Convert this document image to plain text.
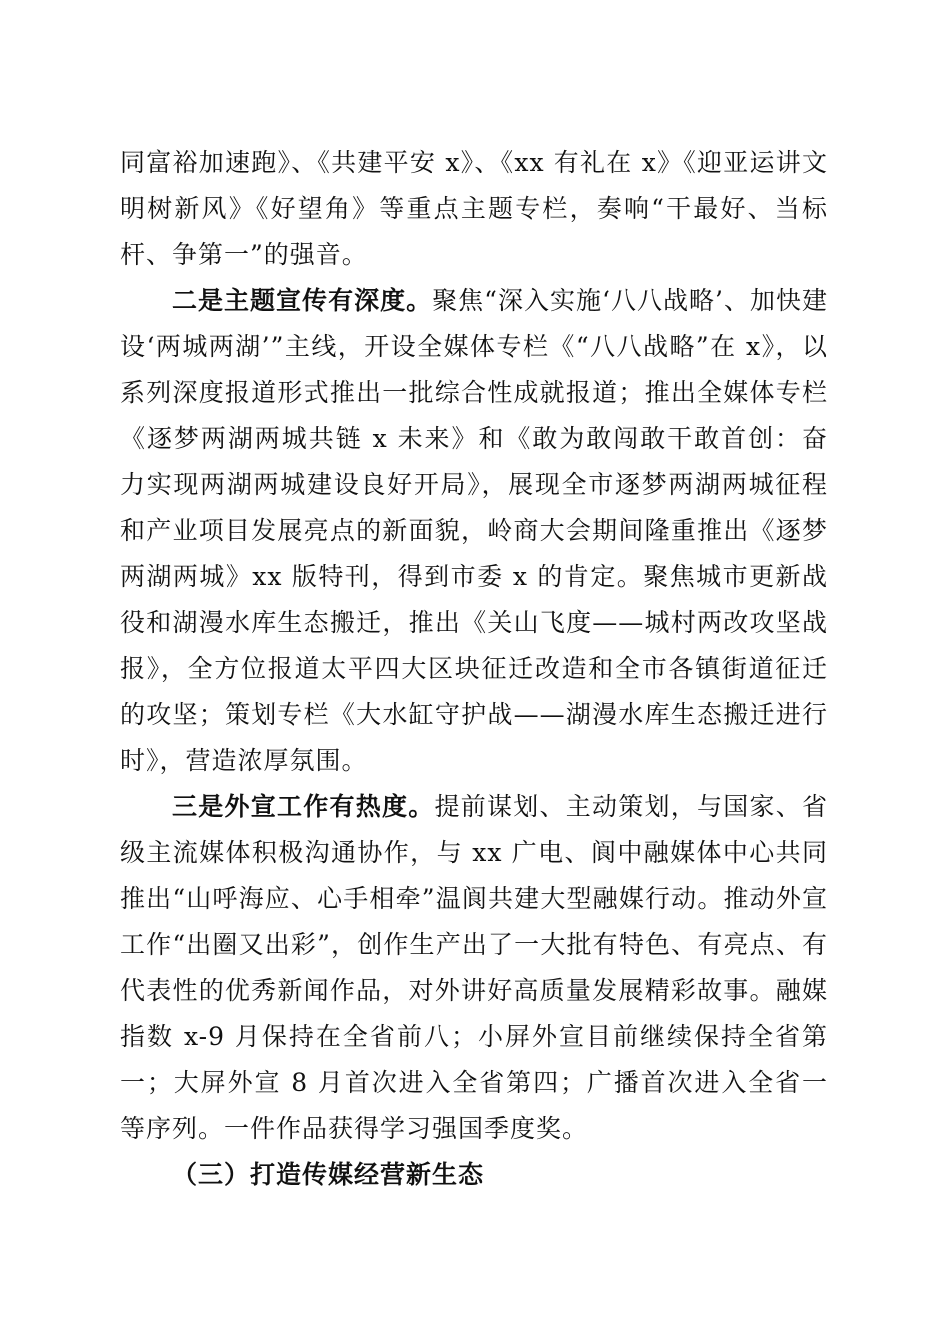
同富裕加速跑》、《共建平安 x》、《xx 有礼在 x》《迎亚运讲文明树新风》《好望角》等重点主题专栏，奏响“干最好、当标杆、争第一”的强音。

二是主题宣传有深度。聚焦“深入实施‘八八战略’、加快建设‘两城两湖’”主线，开设全媒体专栏《“八八战略”在 x》，以系列深度报道形式推出一批综合性成就报道；推出全媒体专栏《逐梦两湖两城共链 x 未来》和《敢为敢闯敢干敢首创：奋力实现两湖两城建设良好开局》，展现全市逐梦两湖两城征程和产业项目发展亮点的新面貌，岭商大会期间隆重推出《逐梦两湖两城》xx 版特刊，得到市委 x 的肯定。聚焦城市更新战役和湖漫水库生态搬迁，推出《关山飞度——城村两改攻坚战报》，全方位报道太平四大区块征迁改造和全市各镇街道征迁的攻坚；策划专栏《大水缸守护战——湖漫水库生态搬迁进行时》，营造浓厚氛围。

三是外宣工作有热度。提前谋划、主动策划，与国家、省级主流媒体积极沟通协作，与 xx 广电、阆中融媒体中心共同推出“山呼海应、心手相牵”温阆共建大型融媒行动。推动外宣工作“出圈又出彩”，创作生产出了一大批有特色、有亮点、有代表性的优秀新闻作品，对外讲好高质量发展精彩故事。融媒指数 x-9 月保持在全省前八；小屏外宣目前继续保持全省第一；大屏外宣 8 月首次进入全省第四；广播首次进入全省一等序列。一件作品获得学习强国季度奖。

（三）打造传媒经营新生态
